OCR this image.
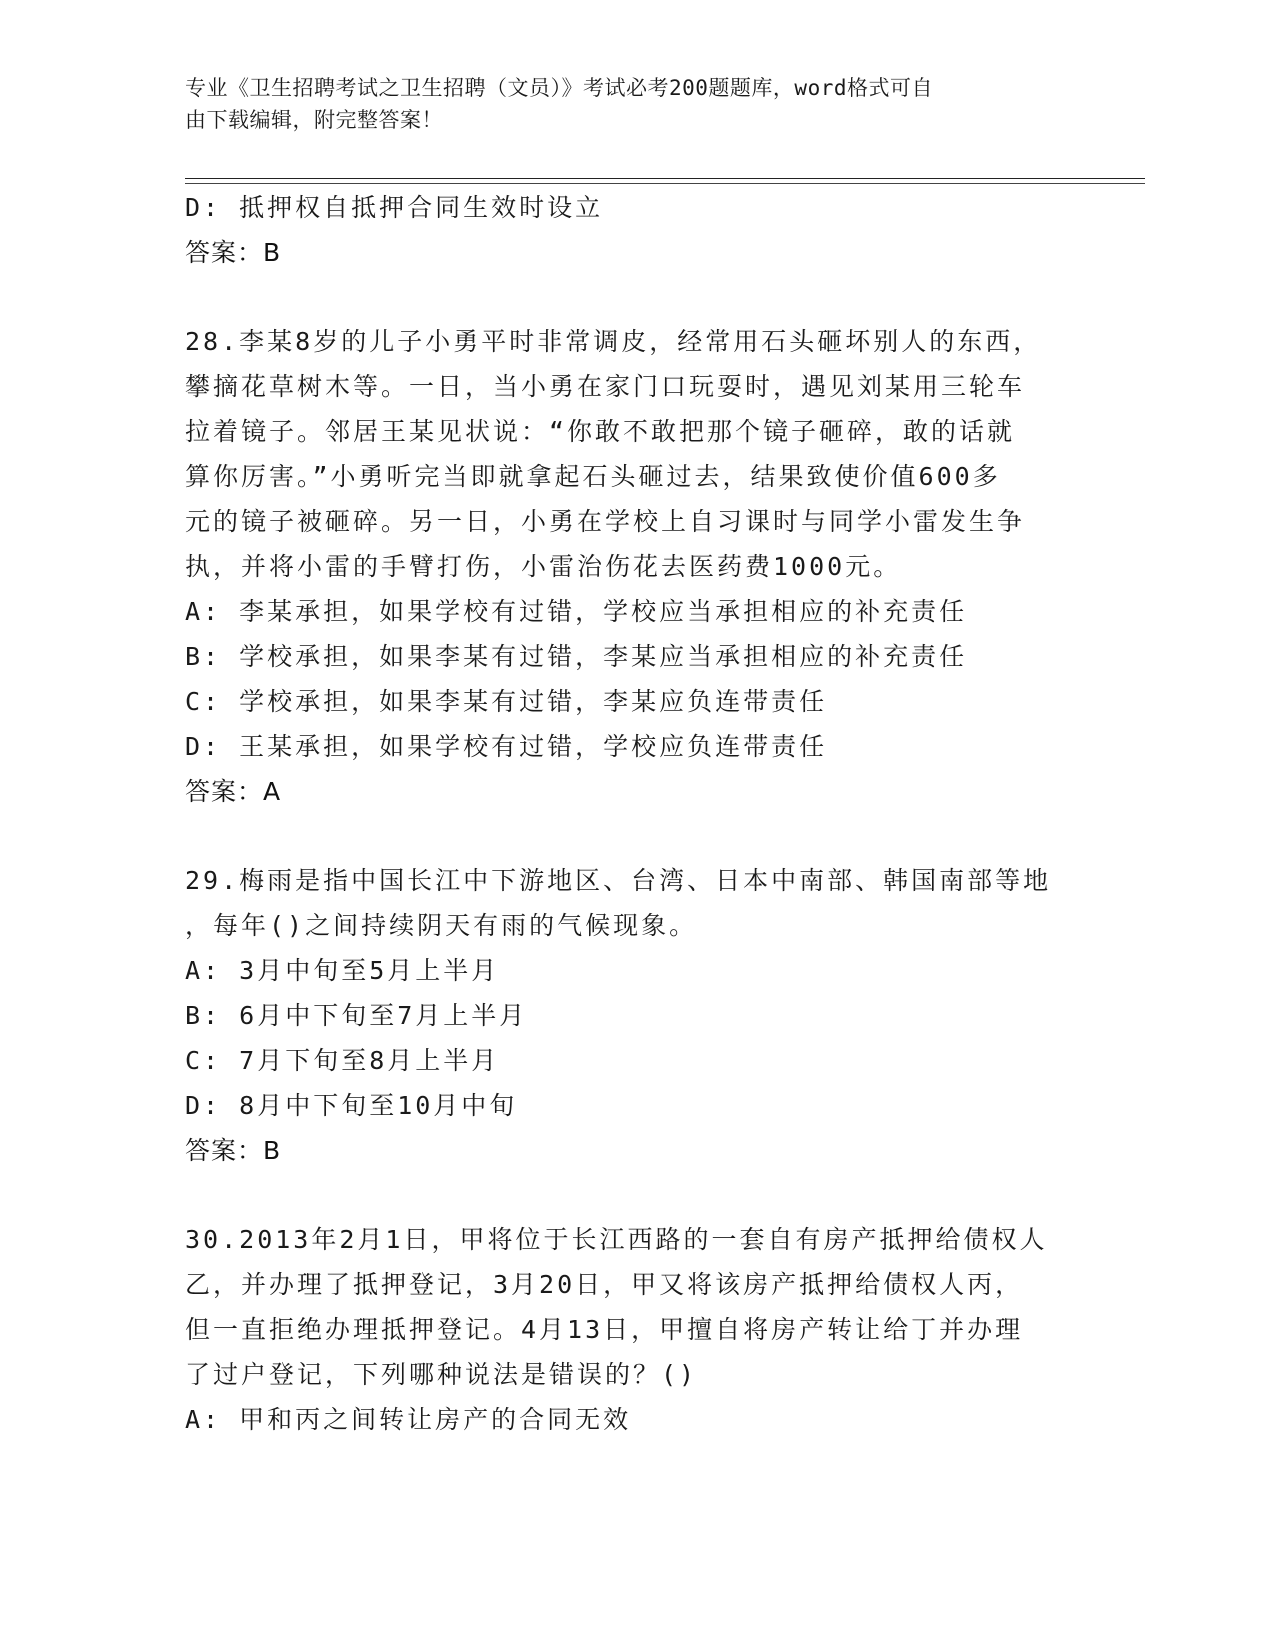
专业《卫生招聘考试之卫生招聘（文员）》考试必考200题题库，word格式可自
由下载编辑，附完整答案！
D: 抵押权自抵押合同生效时设立
答案：B
28.李某8岁的儿子小勇平时非常调皮，经常用石头砸坏别人的东西，
攀摘花草树木等。一日，当小勇在家门口玩耍时，遇见刘某用三轮车
拉着镜子。邻居王某见状说：“你敢不敢把那个镜子砸碎，敢的话就
算你厉害。”小勇听完当即就拿起石头砸过去，结果致使价值600多
元的镜子被砸碎。另一日，小勇在学校上自习课时与同学小雷发生争
执，并将小雷的手臂打伤，小雷治伤花去医药费1000元。
A: 李某承担，如果学校有过错，学校应当承担相应的补充责任
B: 学校承担，如果李某有过错，李某应当承担相应的补充责任
C: 学校承担，如果李某有过错，李某应负连带责任
D: 王某承担，如果学校有过错，学校应负连带责任
答案：A
29.梅雨是指中国长江中下游地区、台湾、日本中南部、韩国南部等地
，每年()之间持续阴天有雨的气候现象。
A: 3月中旬至5月上半月
B: 6月中下旬至7月上半月
C: 7月下旬至8月上半月
D: 8月中下旬至10月中旬
答案：B
30.2013年2月1日，甲将位于长江西路的一套自有房产抵押给债权人
乙，并办理了抵押登记，3月20日，甲又将该房产抵押给债权人丙，
但一直拒绝办理抵押登记。4月13日，甲擅自将房产转让给丁并办理
了过户登记，下列哪种说法是错误的？()
A: 甲和丙之间转让房产的合同无效
